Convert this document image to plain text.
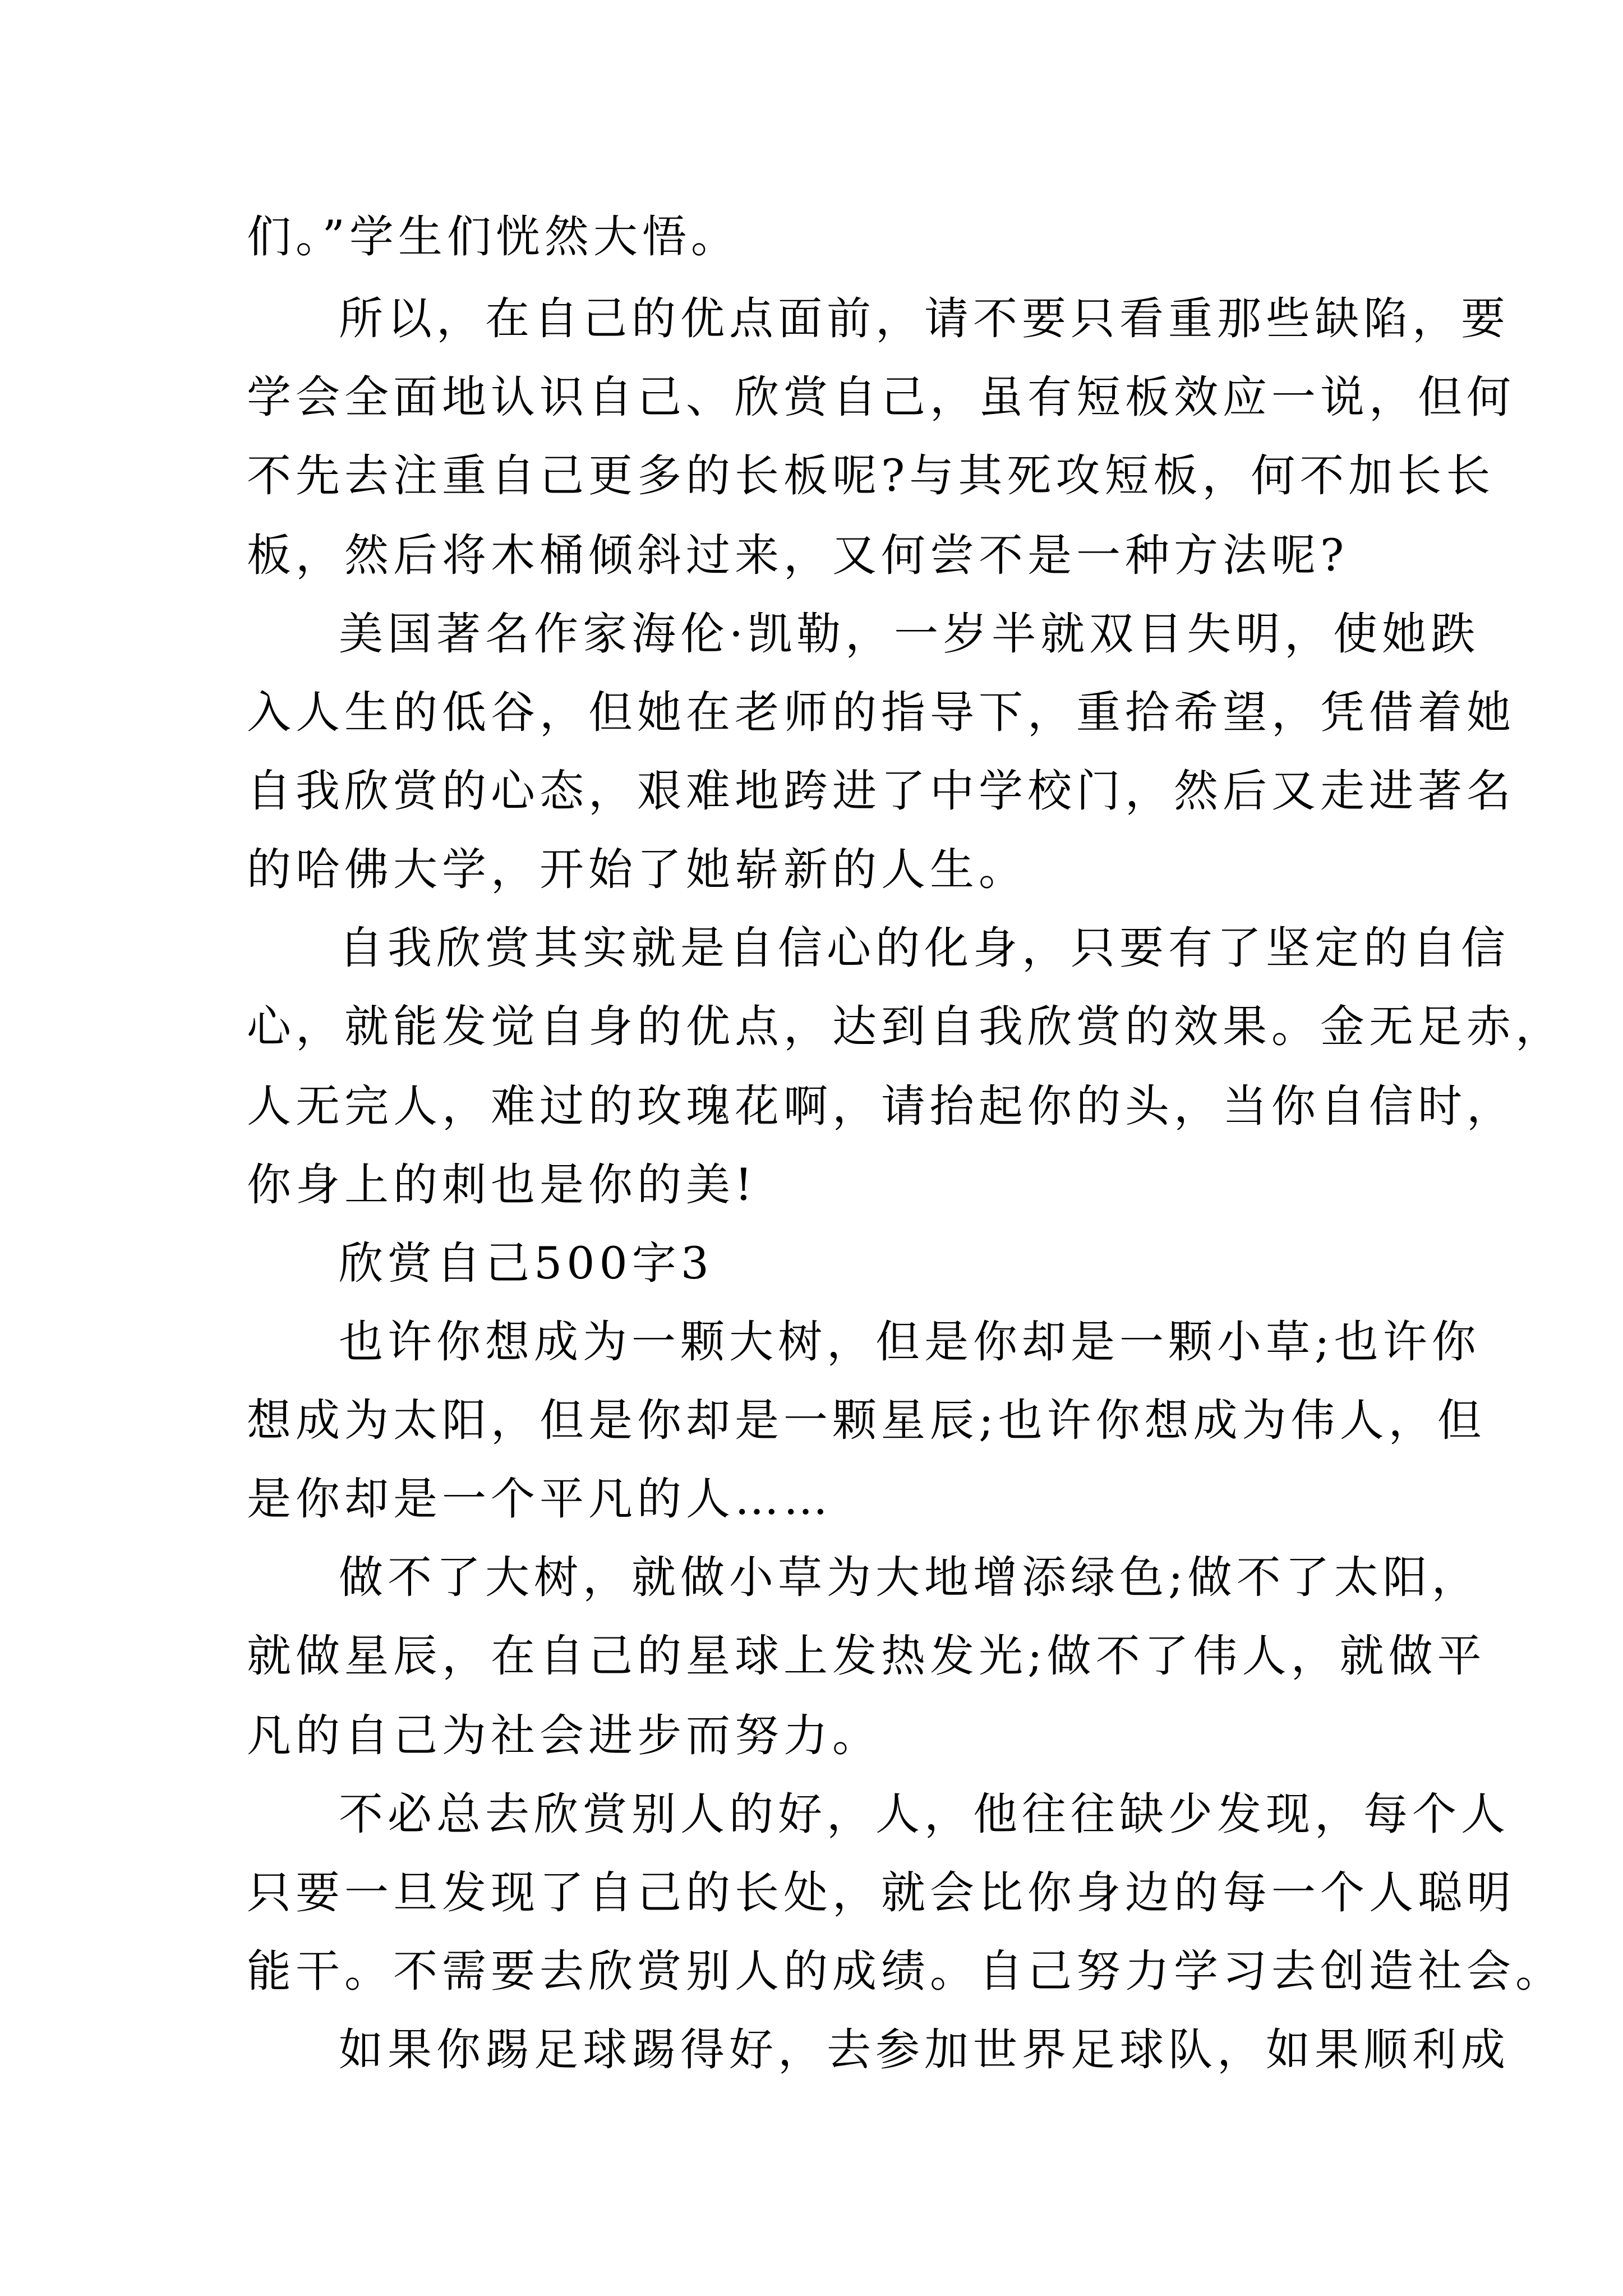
们。”学生们恍然大悟。
所以，在自己的优点面前，请不要只看重那些缺陷，要
学会全面地认识自己、欣赏自己，虽有短板效应一说，但何
不先去注重自己更多的长板呢?与其死攻短板，何不加长长
板，然后将木桶倾斜过来，又何尝不是一种方法呢?
美国著名作家海伦·凯勒，一岁半就双目失明，使她跌
入人生的低谷，但她在老师的指导下，重拾希望，凭借着她
自我欣赏的心态，艰难地跨进了中学校门，然后又走进著名
的哈佛大学，开始了她崭新的人生。
自我欣赏其实就是自信心的化身，只要有了坚定的自信
心，就能发觉自身的优点，达到自我欣赏的效果。金无足赤，
人无完人，难过的玫瑰花啊，请抬起你的头，当你自信时，
你身上的刺也是你的美!
欣赏自己500字3
也许你想成为一颗大树，但是你却是一颗小草;也许你
想成为太阳，但是你却是一颗星辰;也许你想成为伟人，但
是你却是一个平凡的人……
做不了大树，就做小草为大地增添绿色;做不了太阳，
就做星辰，在自己的星球上发热发光;做不了伟人，就做平
凡的自己为社会进步而努力。
不必总去欣赏别人的好，人，他往往缺少发现，每个人
只要一旦发现了自己的长处，就会比你身边的每一个人聪明
能干。不需要去欣赏别人的成绩。自己努力学习去创造社会。
如果你踢足球踢得好，去参加世界足球队，如果顺利成
